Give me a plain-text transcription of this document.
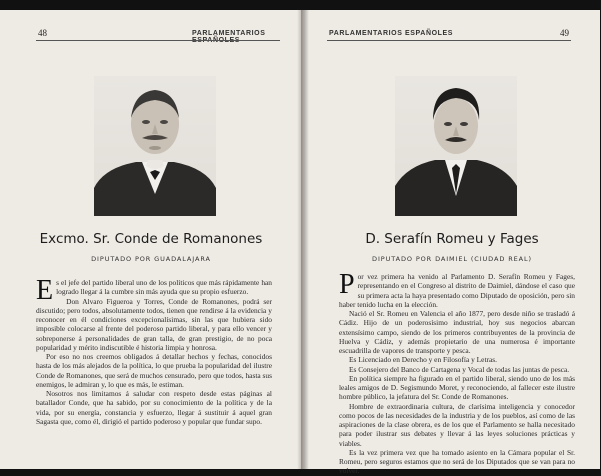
48	PARLAMENTARIOS
Excmo. Sr. Conde de Romanones
DIPUTADO POR GUADALAJARA

Es el jefe del partido liberal uno de los políticos que más rápidamente han logrado llegar á la cumbre sin más ayuda que su propio esfuerzo.

Don Alvaro Figueroa y Torres, Conde de Romanones, podrá ser discutido; pero todos, absolutamente todos, tienen que rendirse á la evidencia y reconocer en él condiciones excepcionalísimas, sin las que hubiera sido imposible colocarse al frente del poderoso partido liberal, y para ello vencer y sobreponerse á personalidades de gran talla, de gran prestigio, de no poca popularidad y mérito indiscutible é historia limpia y honrosa.

Por eso no nos creemos obligados á detallar hechos y fechas, conocidos hasta de los más alejados de la política, lo que prueba la popularidad del ilustre Conde de Romanones, que será de muchos censurado, pero que todos, hasta sus enemigos, le admiran y, lo que es más, le estiman.

Nosotros nos limitamos á saludar con respeto desde estas páginas al batallador Conde, que ha sabido, por su conocimiento de la política y de la vida, por su energía, constancia y esfuerzo, llegar á sustituir á aquel gran Sagasta que, como él, dirigió el partido poderoso y popular que fundar supo.

PARLAMENTARIOS ESPAÑOLES	49
D. Serafín Romeu y Fages
DIPUTADO POR DAIMIEL (CIUDAD REAL)

Por vez primera ha venido al Parlamento D. Serafín Romeu y Fages, representando en el Congreso al distrito de Daimiel, dándose el caso que su primera acta la haya presentado como Diputado de oposición, pero sin haber tenido lucha en la elección.

Nació el Sr. Romeu en Valencia el año 1877, pero desde niño se trasladó á Cádiz. Hijo de un poderosísimo industrial, hoy sus negocios abarcan extensísimo campo, siendo de los primeros contribuyentes de la provincia de Huelva y Cádiz, y además propietario de una numerosa é importante escuadrilla de vapores de transporte y pesca.

Es Licenciado en Derecho y en Filosofía y Letras.

Es Consejero del Banco de Cartagena y Vocal de todas las juntas de pesca.

En política siempre ha figurado en el partido liberal, siendo uno de los más leales amigos de D. Segismundo Moret, y reconociendo, al fallecer este ilustre hombre público, la jefatura del Sr. Conde de Romanones.

Hombre de extraordinaria cultura, de clarísima inteligencia y conocedor como pocos de las necesidades de la industria y de los pueblos, así como de las aspiraciones de la clase obrera, es de los que el Parlamento se halla necesitado para poder ilustrar sus debates y llevar á las leyes soluciones prácticas y viables.

Es la vez primera vez que ha tomado asiento en la Cámara popular el Sr. Romeu, pero seguros estamos que no será de los Diputados que se van para no volver.
